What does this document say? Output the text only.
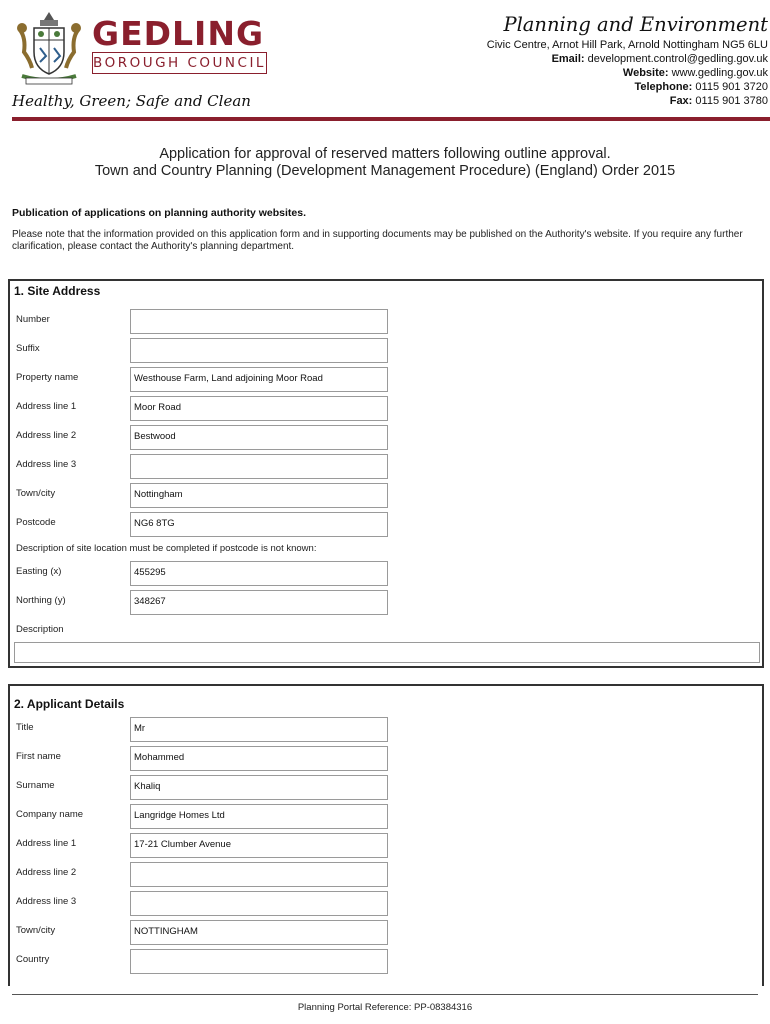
GEDLING
BOROUGH COUNCIL
Healthy, Green; Safe and Clean
Planning and Environment
Civic Centre, Arnot Hill Park, Arnold Nottingham NG5 6LU
Email: development.control@gedling.gov.uk
Website: www.gedling.gov.uk
Telephone: 0115 901 3720
Fax: 0115 901 3780
Application for approval of reserved matters following outline approval.
Town and Country Planning (Development Management Procedure) (England) Order 2015
Publication of applications on planning authority websites.
Please note that the information provided on this application form and in supporting documents may be published on the Authority's website. If you require any further clarification, please contact the Authority's planning department.
1. Site Address
Number
Suffix
Property name	Westhouse Farm, Land adjoining Moor Road
Address line 1	Moor Road
Address line 2	Bestwood
Address line 3
Town/city	Nottingham
Postcode	NG6 8TG
Description of site location must be completed if postcode is not known:
Easting (x)	455295
Northing (y)	348267
Description
2. Applicant Details
Title	Mr
First name	Mohammed
Surname	Khaliq
Company name	Langridge Homes Ltd
Address line 1	17-21 Clumber Avenue
Address line 2
Address line 3
Town/city	NOTTINGHAM
Country
Planning Portal Reference: PP-08384316
